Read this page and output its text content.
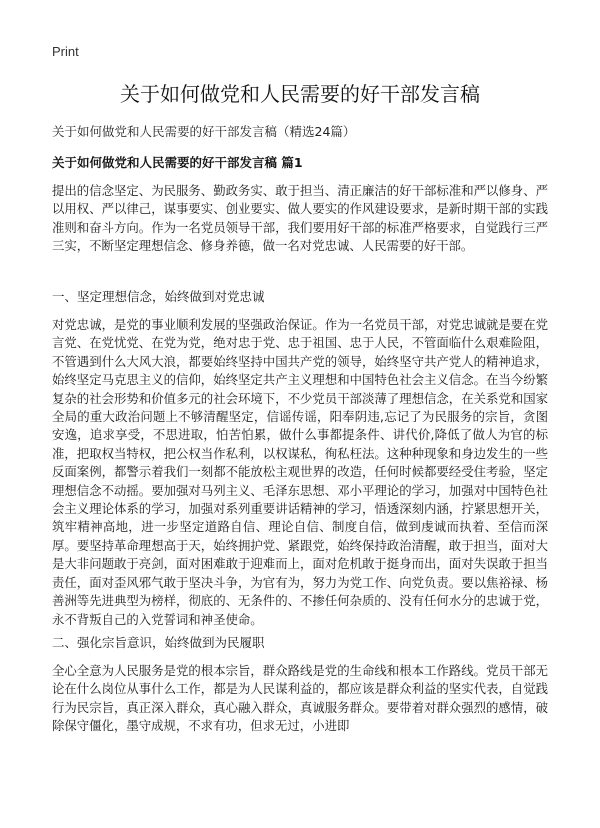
Print
关于如何做党和人民需要的好干部发言稿
关于如何做党和人民需要的好干部发言稿（精选24篇）
关于如何做党和人民需要的好干部发言稿 篇1

提出的信念坚定、为民服务、勤政务实、敢于担当、清正廉洁的好干部标准和严以修身、严以用权、严以律己，谋事要实、创业要实、做人要实的作风建设要求，是新时期干部的实践准则和奋斗方向。作为一名党员领导干部，我们要用好干部的标准严格要求，自觉践行三严三实，不断坚定理想信念、修身养德，做一名对党忠诚、人民需要的好干部。

一、坚定理想信念，始终做到对党忠诚

对党忠诚，是党的事业顺利发展的坚强政治保证。作为一名党员干部，对党忠诚就是要在党言党、在党忧党、在党为党，绝对忠于党、忠于祖国、忠于人民，不管面临什么艰难险阻，不管遇到什么大风大浪，都要始终坚持中国共产党的领导，始终坚守共产党人的精神追求，始终坚定马克思主义的信仰，始终坚定共产主义理想和中国特色社会主义信念。在当今纷繁复杂的社会形势和价值多元的社会环境下，不少党员干部淡薄了理想信念，在关系党和国家全局的重大政治问题上不够清醒坚定，信谣传谣，阳奉阴违,忘记了为民服务的宗旨，贪图安逸，追求享受，不思进取，怕苦怕累，做什么事都提条件、讲代价,降低了做人为官的标准，把取权当特权，把公权当作私利，以权谋私，徇私枉法。这种种现象和身边发生的一些反面案例，都警示着我们一刻都不能放松主观世界的改造，任何时候都要经受住考验，坚定理想信念不动摇。要加强对马列主义、毛泽东思想、邓小平理论的学习，加强对中国特色社会主义理论体系的学习，加强对系列重要讲话精神的学习，悟透深刻内涵，拧紧思想开关，筑牢精神高地，进一步坚定道路自信、理论自信、制度自信，做到虔诚而执着、至信而深厚。要坚持革命理想高于天，始终拥护党、紧跟党，始终保持政治清醒，敢于担当，面对大是大非问题敢于亮剑，面对困难敢于迎难而上，面对危机敢于挺身而出，面对失误敢于担当责任，面对歪风邪气敢于坚决斗争，为官有为，努力为党工作、向党负责。要以焦裕禄、杨善洲等先进典型为榜样，彻底的、无条件的、不掺任何杂质的、没有任何水分的忠诚于党，永不背叛自己的入党誓词和神圣使命。

二、强化宗旨意识，始终做到为民履职

全心全意为人民服务是党的根本宗旨，群众路线是党的生命线和根本工作路线。党员干部无论在什么岗位从事什么工作，都是为人民谋利益的，都应该是群众利益的坚实代表，自觉践行为民宗旨，真正深入群众，真心融入群众，真诚服务群众。要带着对群众强烈的感情，破除保守僵化，墨守成规，不求有功，但求无过，小进即
